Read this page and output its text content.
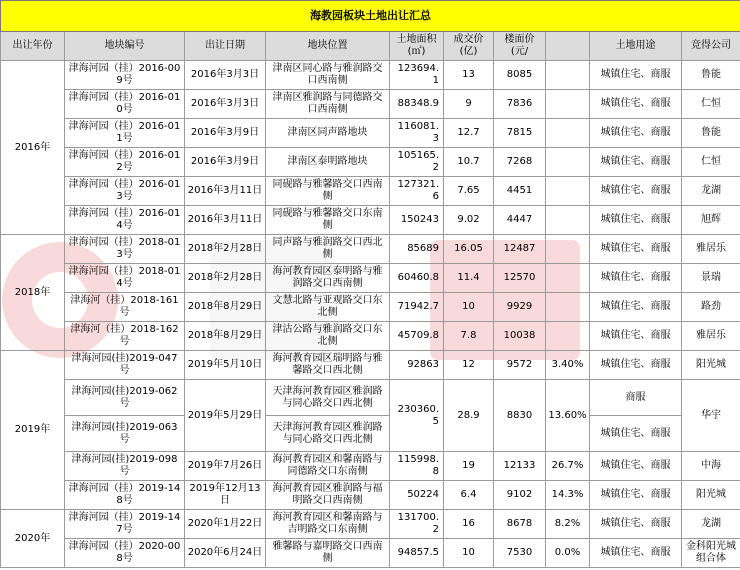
海教园板块土地出让汇总									
出让年份	地块编号	出让日期	地块位置	土地面积(㎡)	成交价(亿)	楼面价(元/		土地用途	竞得公司
2016年	津海河园（挂）2016-009号	2016年3月3日	津南区同心路与雅润路交口西南侧	123694.1	13	8085		城镇住宅、商服	鲁能
	津海河园（挂）2016-010号	2016年3月3日	津南区雅润路与同德路交口西南侧	88348.9	9	7836		城镇住宅、商服	仁恒
	津海河园（挂）2016-011号	2016年3月9日	津南区同声路地块	116081.3	12.7	7815		城镇住宅、商服	鲁能
	津海河园（挂）2016-012号	2016年3月9日	津南区泰明路地块	105165.2	10.7	7268		城镇住宅、商服	仁恒
	津海河园（挂）2016-013号	2016年3月11日	同砚路与雅馨路交口西南侧	127321.6	7.65	4451		城镇住宅、商服	龙湖
	津海河园（挂）2016-014号	2016年3月11日	同砚路与雅馨路交口东南侧	150243	9.02	4447		城镇住宅、商服	旭辉
2018年	津海河园（挂）2018-013号	2018年2月28日	同声路与雅润路交口西北侧	85689	16.05	12487		城镇住宅、商服	雅居乐
	津海河园（挂）2018-014号	2018年2月28日	海河教育园区泰明路与雅润路交口西南侧	60460.8	11.4	12570		城镇住宅、商服	景瑞
	津海河（挂）2018-161号	2018年8月29日	文慧北路与亚观路交口东北侧	71942.7	10	9929		城镇住宅、商服	路劲
	津海河（挂）2018-162号	2018年8月29日	津沽公路与雅润路交口东北侧	45709.8	7.8	10038		城镇住宅、商服	雅居乐
2019年	津海河园(挂)2019-047号	2019年5月10日	海河教育园区瑞明路与雅馨路交口西北侧	92863	12	9572	3.40%	城镇住宅、商服	阳光城
	津海河园(挂)2019-062号	2019年5月29日	天津海河教育园区雅润路与同心路交口西北侧	230360.5	28.9	8830	13.60%	商服	华宇
	津海河园(挂)2019-063号		天津海河教育园区雅润路与同心路交口西北侧					城镇住宅、商服	
	津海河园(挂)2019-098号	2019年7月26日	海河教育园区和馨南路与同德路交口东南侧	115998.8	19	12133	26.7%	城镇住宅、商服	中海
	津海河园（挂）2019-148号	2019年12月13日	海河教育园区雅润路与福明路交口西南侧	50224	6.4	9102	14.3%	城镇住宅、商服	阳光城
2020年	津海河园（挂）2019-147号	2020年1月22日	海河教育园区和馨南路与吉明路交口东南侧	131700.2	16	8678	8.2%	城镇住宅、商服	龙湖
	津海河园（挂）2020-008号	2020年6月24日	雅馨路与嘉明路交口西南侧	94857.5	10	7530	0.0%	城镇住宅、商服	金科阳光城组合体
